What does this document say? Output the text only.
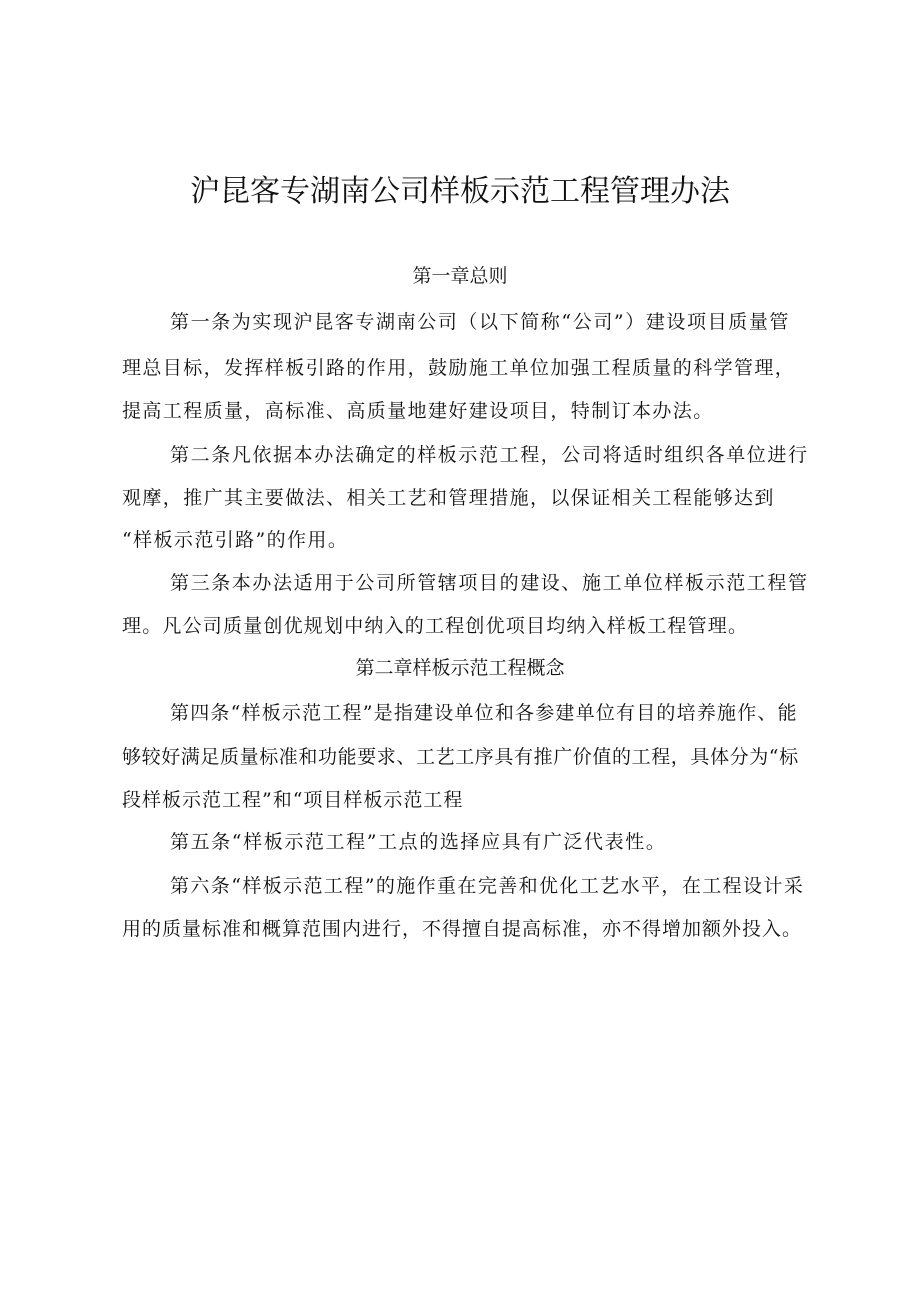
沪昆客专湖南公司样板示范工程管理办法
第一章总则
第一条为实现沪昆客专湖南公司（以下简称“公司”）建设项目质量管
理总目标，发挥样板引路的作用，鼓励施工单位加强工程质量的科学管理，
提高工程质量，高标准、高质量地建好建设项目，特制订本办法。
第二条凡依据本办法确定的样板示范工程，公司将适时组织各单位进行
观摩，推广其主要做法、相关工艺和管理措施，以保证相关工程能够达到
“样板示范引路”的作用。
第三条本办法适用于公司所管辖项目的建设、施工单位样板示范工程管
理。凡公司质量创优规划中纳入的工程创优项目均纳入样板工程管理。
第二章样板示范工程概念
第四条“样板示范工程”是指建设单位和各参建单位有目的培养施作、能
够较好满足质量标准和功能要求、工艺工序具有推广价值的工程，具体分为“标
段样板示范工程”和“项目样板示范工程
第五条“样板示范工程”工点的选择应具有广泛代表性。
第六条“样板示范工程”的施作重在完善和优化工艺水平，在工程设计采
用的质量标准和概算范围内进行，不得擅自提高标准，亦不得增加额外投入。
